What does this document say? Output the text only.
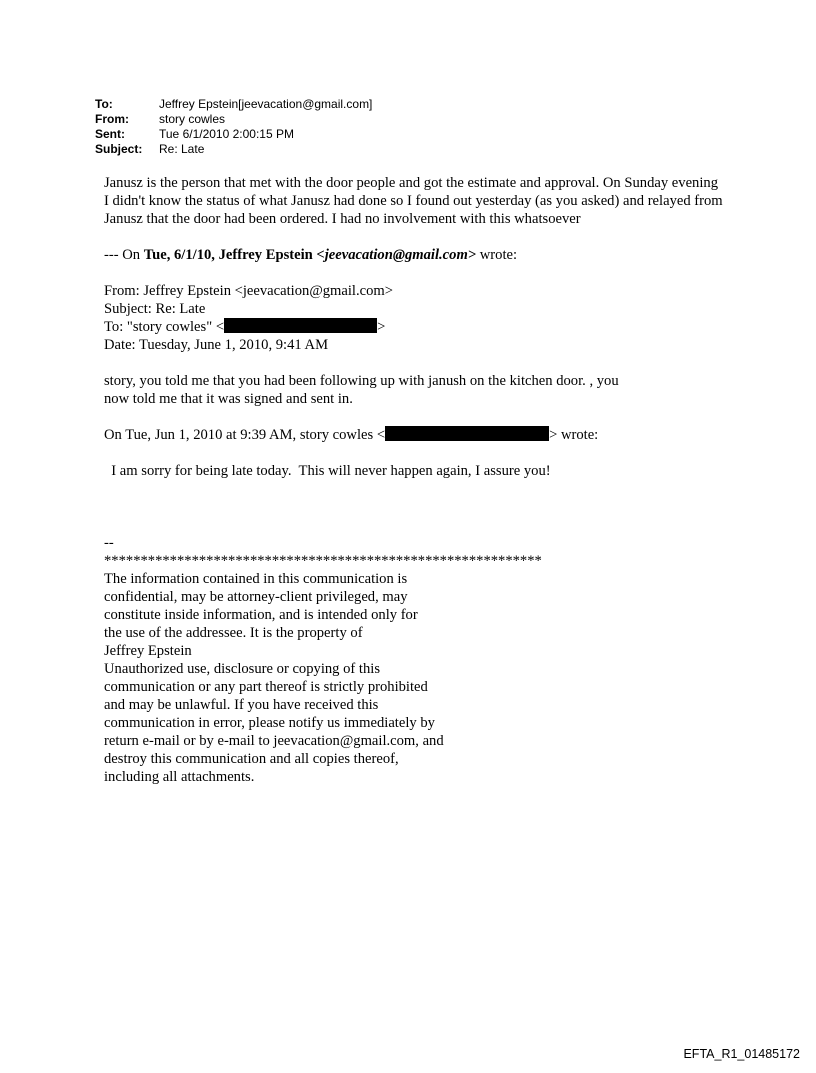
To:	Jeffrey Epstein[jeevacation@gmail.com]
From:	story cowles
Sent:	Tue 6/1/2010 2:00:15 PM
Subject:	Re: Late

Janusz is the person that met with the door people and got the estimate and approval. On Sunday evening I didn't know the status of what Janusz had done so I found out yesterday (as you asked) and relayed from Janusz that the door had been ordered. I had no involvement with this whatsoever

--- On Tue, 6/1/10, Jeffrey Epstein <jeevacation@gmail.com> wrote:

From: Jeffrey Epstein <jeevacation@gmail.com>

Subject: Re: Late

To: "story cowles" <	>

Date: Tuesday, June 1, 2010, 9:41 AM

story, you told me that you had been following up with janush on the kitchen door. , you

now told me that it was signed and sent in.

On Tue, Jun 1, 2010 at 9:39 AM, story cowles <	> wrote:

I am sorry for being late today.  This will never happen again, I assure you!

--

************************************************************

The information contained in this communication is

confidential, may be attorney-client privileged, may

constitute inside information, and is intended only for

the use of the addressee. It is the property of

Jeffrey Epstein

Unauthorized use, disclosure or copying of this

communication or any part thereof is strictly prohibited

and may be unlawful. If you have received this

communication in error, please notify us immediately by

return e-mail or by e-mail to jeevacation@gmail.com, and

destroy this communication and all copies thereof,

including all attachments.

EFTA_R1_01485172
